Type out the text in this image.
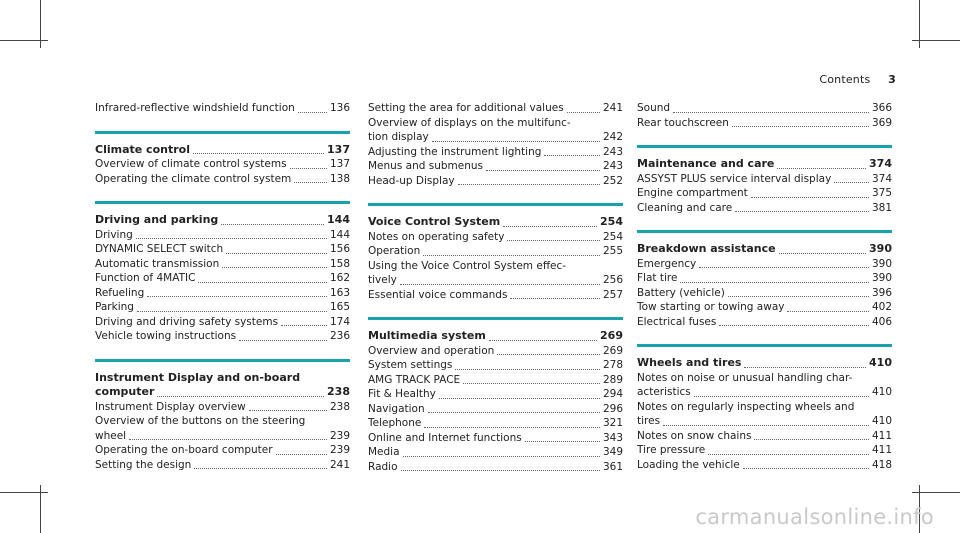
Contents 3
Infrared-reflective windshield function	136
Climate control	137
Overview of climate control systems	137
Operating the climate control system	138
Driving and parking	144
Driving	144
DYNAMIC SELECT switch	156
Automatic transmission	158
Function of 4MATIC	162
Refueling	163
Parking	165
Driving and driving safety systems	174
Vehicle towing instructions	236
Instrument Display and on-board
computer	238
Instrument Display overview	238
Overview of the buttons on the steering
wheel	239
Operating the on-board computer	239
Setting the design	241
Setting the area for additional values	241
Overview of displays on the multifunc-
tion display	242
Adjusting the instrument lighting	243
Menus and submenus	243
Head-up Display	252
Voice Control System	254
Notes on operating safety	254
Operation	255
Using the Voice Control System effec-
tively	256
Essential voice commands	257
Multimedia system	269
Overview and operation	269
System settings	278
AMG TRACK PACE	289
Fit & Healthy	294
Navigation	296
Telephone	321
Online and Internet functions	343
Media	349
Radio	361
Sound	366
Rear touchscreen	369
Maintenance and care	374
ASSYST PLUS service interval display	374
Engine compartment	375
Cleaning and care	381
Breakdown assistance	390
Emergency	390
Flat tire	390
Battery (vehicle)	396
Tow starting or towing away	402
Electrical fuses	406
Wheels and tires	410
Notes on noise or unusual handling char-
acteristics	410
Notes on regularly inspecting wheels and
tires	410
Notes on snow chains	411
Tire pressure	411
Loading the vehicle	418
carmanualsonline.info
